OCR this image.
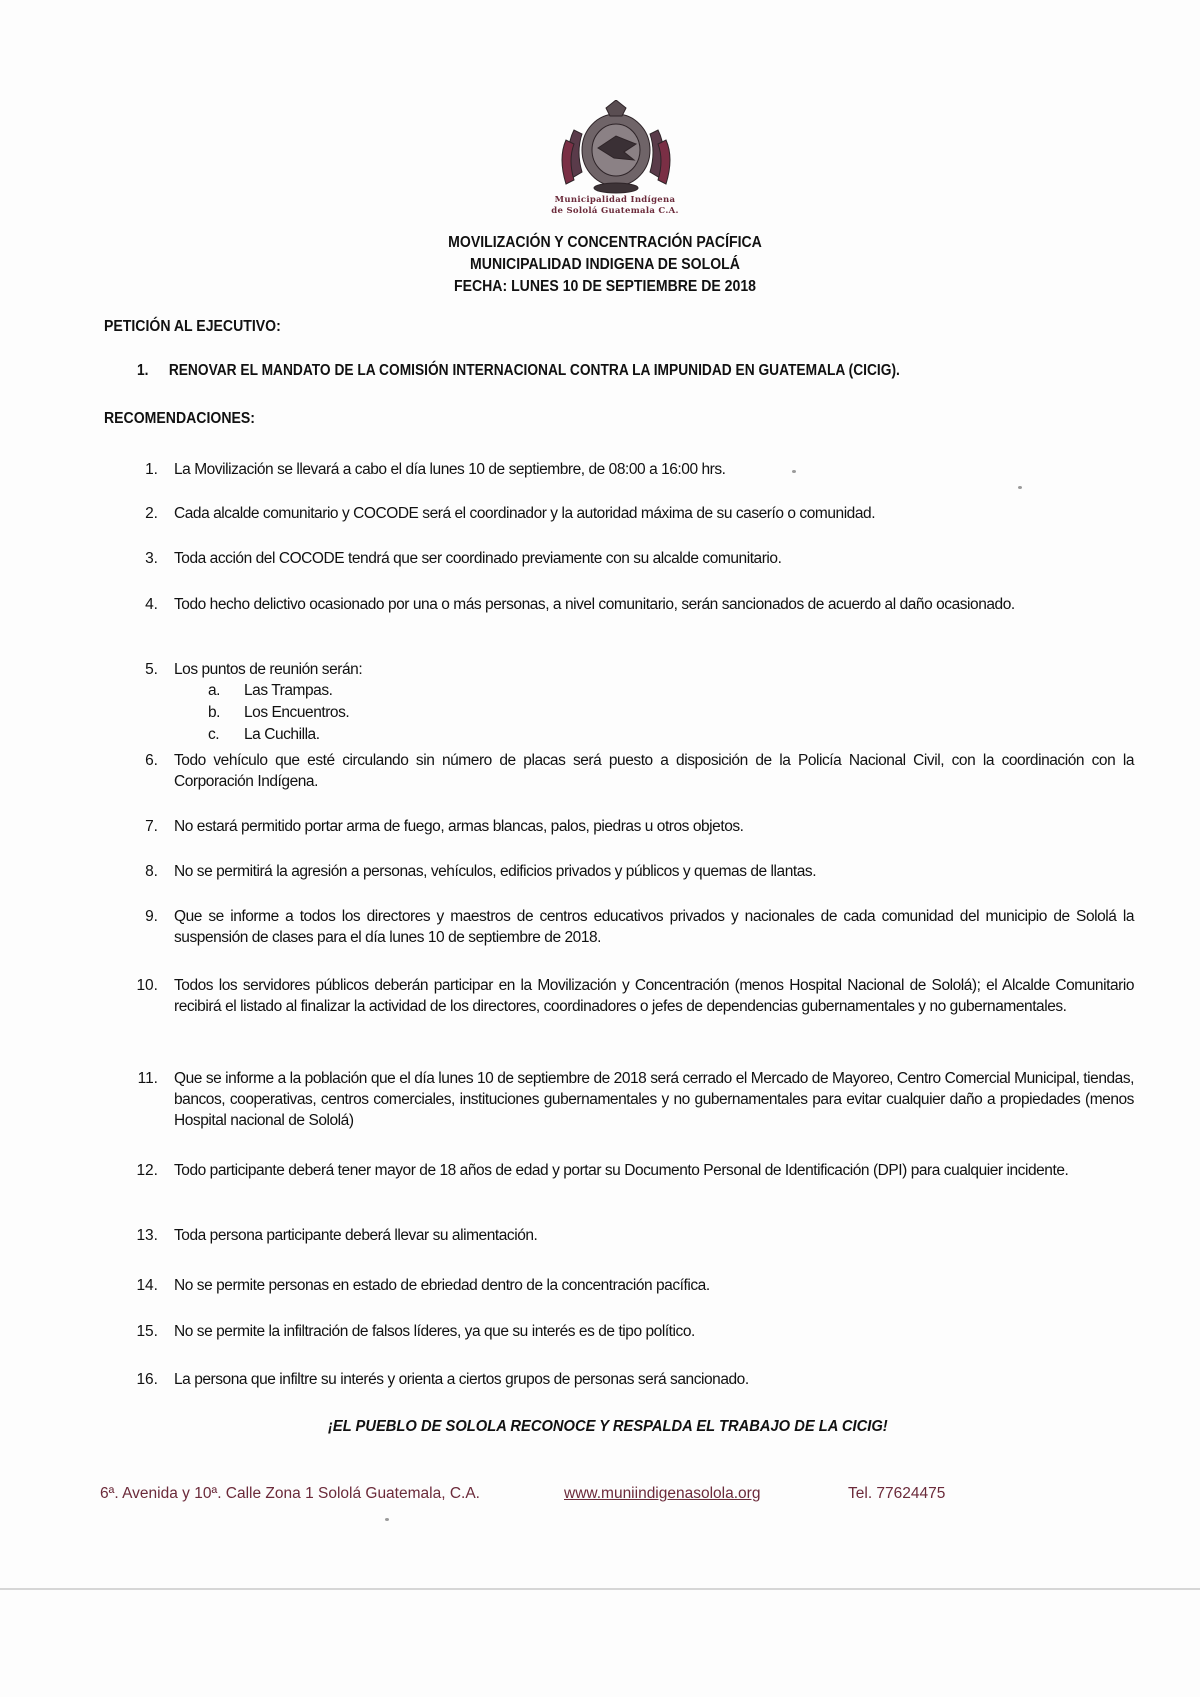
Municipalidad Indígena
de Sololá Guatemala C.A.
MOVILIZACIÓN Y CONCENTRACIÓN PACÍFICA
MUNICIPALIDAD INDIGENA DE SOLOLÁ
FECHA: LUNES 10 DE SEPTIEMBRE DE 2018
PETICIÓN AL EJECUTIVO:
1. RENOVAR EL MANDATO DE LA COMISIÓN INTERNACIONAL CONTRA LA IMPUNIDAD EN GUATEMALA (CICIG).
RECOMENDACIONES:
1. La Movilización se llevará a cabo el día lunes 10 de septiembre, de 08:00 a 16:00 hrs.
2. Cada alcalde comunitario y COCODE será el coordinador y la autoridad máxima de su caserío o comunidad.
3. Toda acción del COCODE tendrá que ser coordinado previamente con su alcalde comunitario.
4. Todo hecho delictivo ocasionado por una o más personas, a nivel comunitario, serán sancionados de acuerdo al daño ocasionado.
5. Los puntos de reunión serán:
a. Las Trampas.
b. Los Encuentros.
c. La Cuchilla.
6. Todo vehículo que esté circulando sin número de placas será puesto a disposición de la Policía Nacional Civil, con la coordinación con la Corporación Indígena.
7. No estará permitido portar arma de fuego, armas blancas, palos, piedras u otros objetos.
8. No se permitirá la agresión a personas, vehículos, edificios privados y públicos y quemas de llantas.
9. Que se informe a todos los directores y maestros de centros educativos privados y nacionales de cada comunidad del municipio de Sololá la suspensión de clases para el día lunes 10 de septiembre de 2018.
10. Todos los servidores públicos deberán participar en la Movilización y Concentración (menos Hospital Nacional de Sololá); el Alcalde Comunitario recibirá el listado al finalizar la actividad de los directores, coordinadores o jefes de dependencias gubernamentales y no gubernamentales.
11. Que se informe a la población que el día lunes 10 de septiembre de 2018 será cerrado el Mercado de Mayoreo, Centro Comercial Municipal, tiendas, bancos, cooperativas, centros comerciales, instituciones gubernamentales y no gubernamentales para evitar cualquier daño a propiedades (menos Hospital nacional de Sololá)
12. Todo participante deberá tener mayor de 18 años de edad y portar su Documento Personal de Identificación (DPI) para cualquier incidente.
13. Toda persona participante deberá llevar su alimentación.
14. No se permite personas en estado de ebriedad dentro de la concentración pacífica.
15. No se permite la infiltración de falsos líderes, ya que su interés es de tipo político.
16. La persona que infiltre su interés y orienta a ciertos grupos de personas será sancionado.
¡EL PUEBLO DE SOLOLA RECONOCE Y RESPALDA EL TRABAJO DE LA CICIG!
6ª. Avenida y 10ª. Calle Zona 1 Sololá Guatemala, C.A.	www.muniindigenasolola.org	Tel. 77624475
